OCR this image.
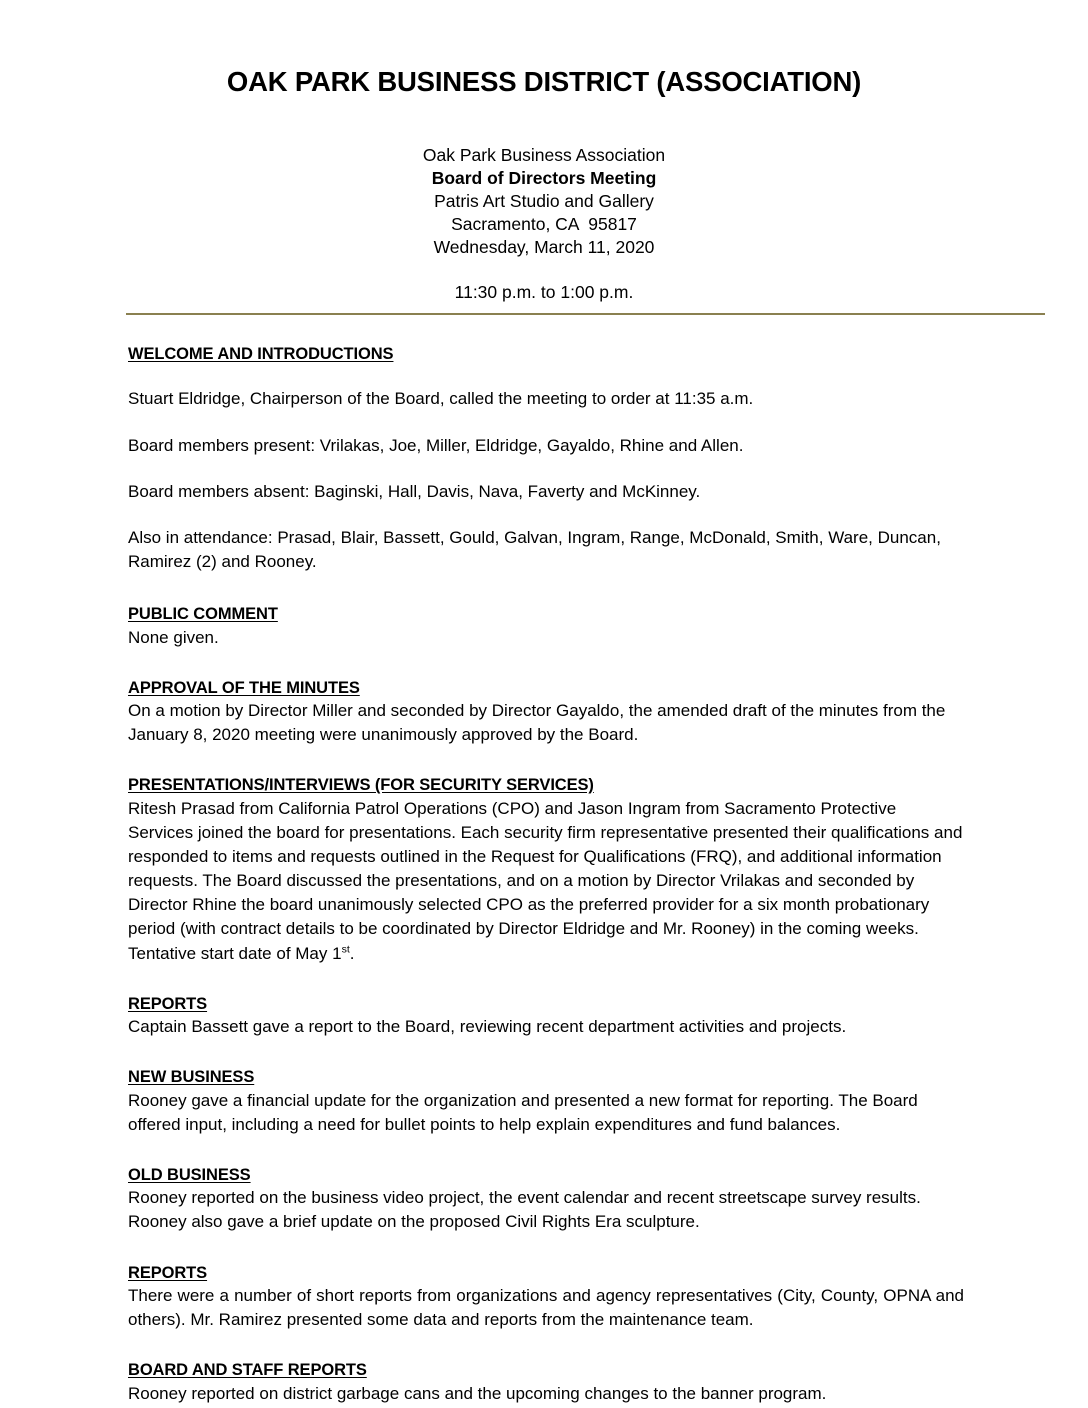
OAK PARK BUSINESS DISTRICT (ASSOCIATION)
Oak Park Business Association
Board of Directors Meeting
Patris Art Studio and Gallery
Sacramento, CA  95817
Wednesday, March 11, 2020
11:30 p.m. to 1:00 p.m.
WELCOME AND INTRODUCTIONS

Stuart Eldridge, Chairperson of the Board, called the meeting to order at 11:35 a.m.

Board members present: Vrilakas, Joe, Miller, Eldridge, Gayaldo, Rhine and Allen.

Board members absent: Baginski, Hall, Davis, Nava, Faverty and McKinney.

Also in attendance: Prasad, Blair, Bassett, Gould, Galvan, Ingram, Range, McDonald, Smith, Ware, Duncan, Ramirez (2) and Rooney.

PUBLIC COMMENT

None given.

APPROVAL OF THE MINUTES

On a motion by Director Miller and seconded by Director Gayaldo, the amended draft of the minutes from the January 8, 2020 meeting were unanimously approved by the Board.

PRESENTATIONS/INTERVIEWS (FOR SECURITY SERVICES)

Ritesh Prasad from California Patrol Operations (CPO) and Jason Ingram from Sacramento Protective Services joined the board for presentations. Each security firm representative presented their qualifications and responded to items and requests outlined in the Request for Qualifications (FRQ), and additional information requests. The Board discussed the presentations, and on a motion by Director Vrilakas and seconded by Director Rhine the board unanimously selected CPO as the preferred provider for a six month probationary period (with contract details to be coordinated by Director Eldridge and Mr. Rooney) in the coming weeks. Tentative start date of May 1st.

REPORTS

Captain Bassett gave a report to the Board, reviewing recent department activities and projects.

NEW BUSINESS

Rooney gave a financial update for the organization and presented a new format for reporting. The Board offered input, including a need for bullet points to help explain expenditures and fund balances.

OLD BUSINESS

Rooney reported on the business video project, the event calendar and recent streetscape survey results. Rooney also gave a brief update on the proposed Civil Rights Era sculpture.

REPORTS

There were a number of short reports from organizations and agency representatives (City, County, OPNA and others). Mr. Ramirez presented some data and reports from the maintenance team.

BOARD AND STAFF REPORTS

Rooney reported on district garbage cans and the upcoming changes to the banner program.
